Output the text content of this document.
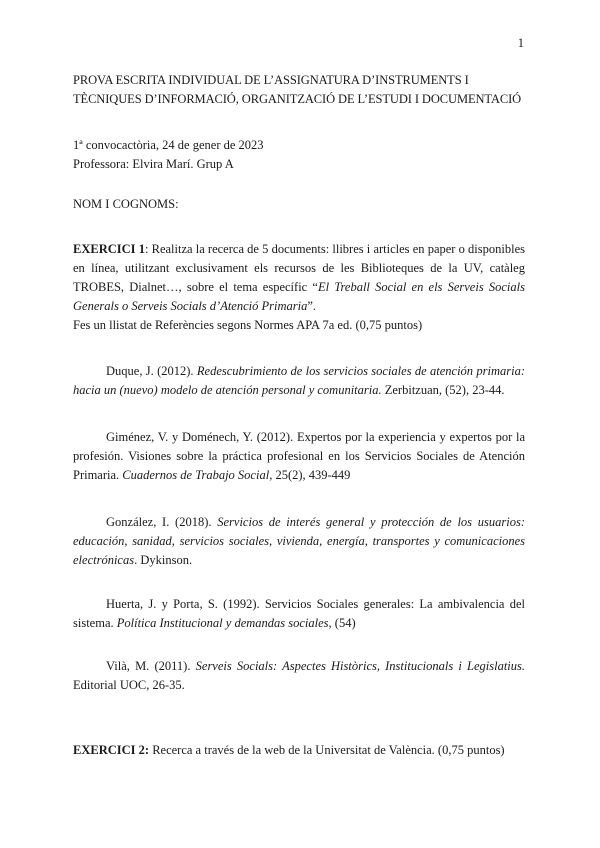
1
PROVA ESCRITA INDIVIDUAL DE L’ASSIGNATURA D’INSTRUMENTS I
TÈCNIQUES D’INFORMACIÓ, ORGANITZACIÓ DE L’ESTUDI I DOCUMENTACIÓ
1ª convocactòria, 24 de gener de 2023
Professora: Elvira Marí. Grup A
NOM I COGNOMS:
EXERCICI 1: Realitza la recerca de 5 documents: llibres i articles en paper o disponibles en línea, utilitzant exclusivament els recursos de les Biblioteques de la UV, catàleg TROBES, Dialnet…, sobre el tema específic “El Treball Social en els Serveis Socials Generals o Serveis Socials d’Atenció Primaria”.
Fes un llistat de Referències segons Normes APA 7a ed. (0,75 puntos)
Duque, J. (2012). Redescubrimiento de los servicios sociales de atención primaria: hacia un (nuevo) modelo de atención personal y comunitaria. Zerbitzuan, (52), 23-44.
Giménez, V. y Doménech, Y. (2012). Expertos por la experiencia y expertos por la profesión. Visiones sobre la práctica profesional en los Servicios Sociales de Atención Primaria. Cuadernos de Trabajo Social, 25(2), 439-449
González, I. (2018). Servicios de interés general y protección de los usuarios: educación, sanidad, servicios sociales, vivienda, energía, transportes y comunicaciones electrónicas. Dykinson.
Huerta, J. y Porta, S. (1992). Servicios Sociales generales: La ambivalencia del sistema. Política Institucional y demandas sociales, (54)
Vilà, M. (2011). Serveis Socials: Aspectes Històrics, Institucionals i Legislatius. Editorial UOC, 26-35.
EXERCICI 2: Recerca a través de la web de la Universitat de València. (0,75 puntos)
